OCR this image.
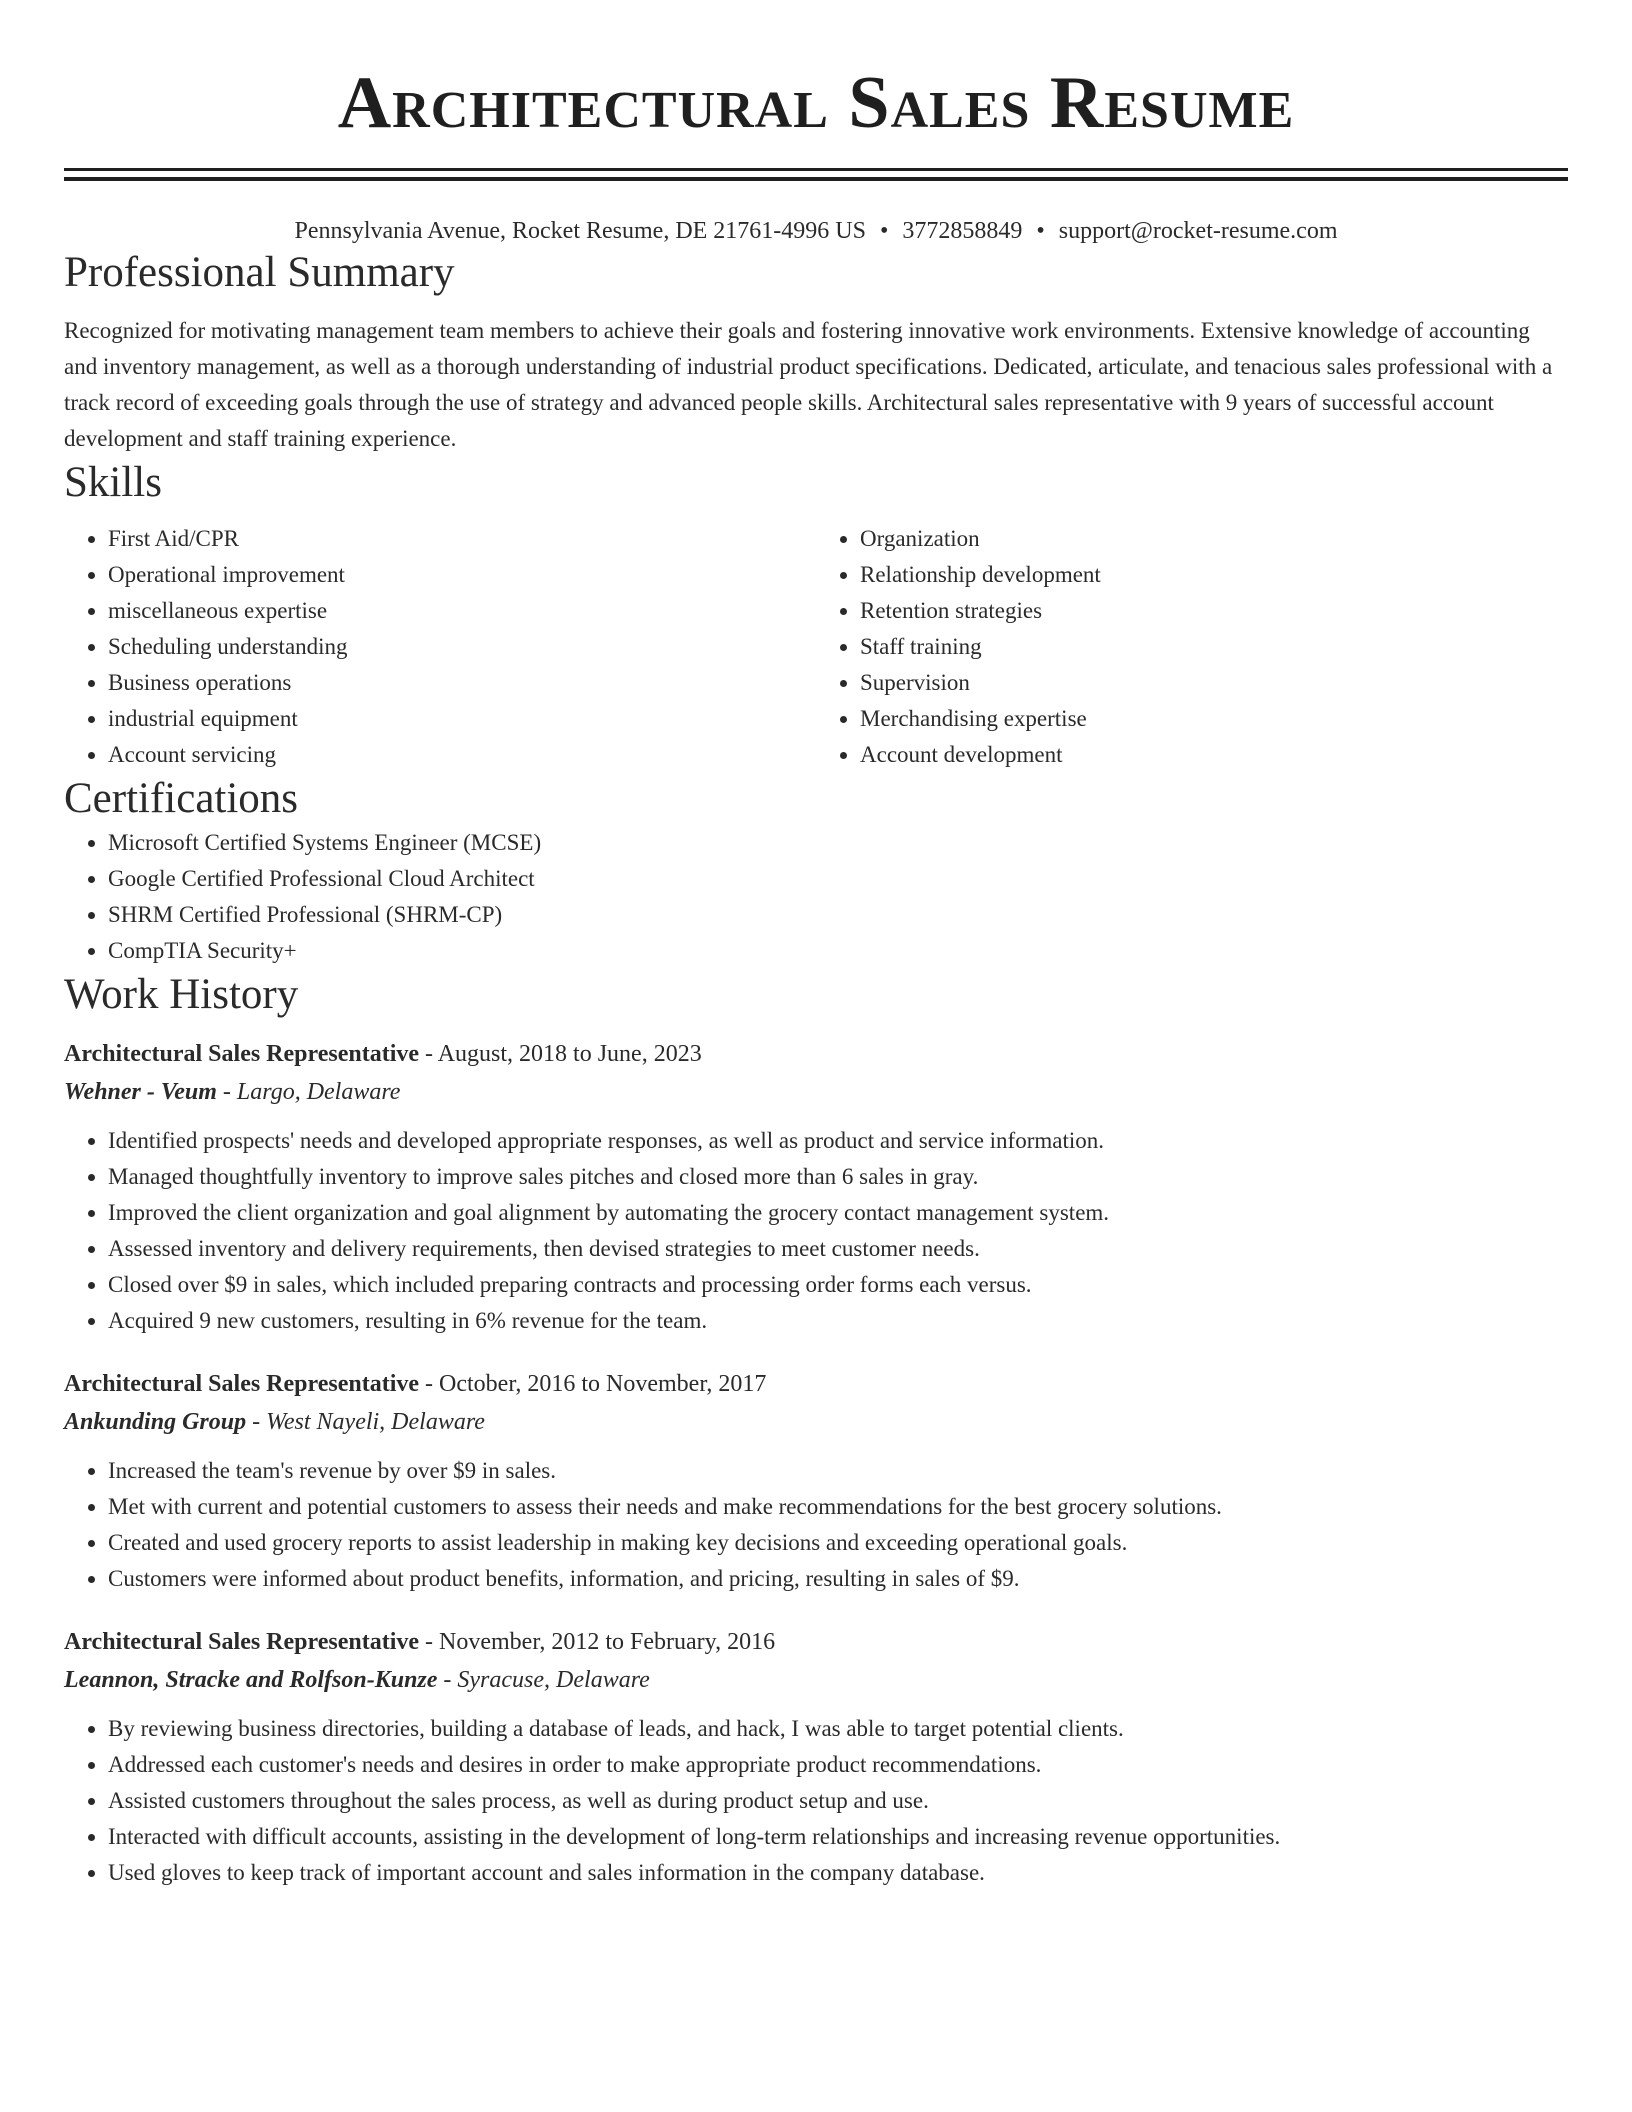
Architectural Sales Resume
Pennsylvania Avenue, Rocket Resume, DE 21761-4996 US • 3772858849 • support@rocket-resume.com
Professional Summary

Recognized for motivating management team members to achieve their goals and fostering innovative work environments. Extensive knowledge of accounting and inventory management, as well as a thorough understanding of industrial product specifications. Dedicated, articulate, and tenacious sales professional with a track record of exceeding goals through the use of strategy and advanced people skills. Architectural sales representative with 9 years of successful account development and staff training experience.

Skills
• First Aid/CPR
• Operational improvement
• miscellaneous expertise
• Scheduling understanding
• Business operations
• industrial equipment
• Account servicing
• Organization
• Relationship development
• Retention strategies
• Staff training
• Supervision
• Merchandising expertise
• Account development
Certifications
• Microsoft Certified Systems Engineer (MCSE)
• Google Certified Professional Cloud Architect
• SHRM Certified Professional (SHRM-CP)
• CompTIA Security+
Work History
Architectural Sales Representative - August, 2018 to June, 2023
Wehner - Veum - Largo, Delaware
• Identified prospects' needs and developed appropriate responses, as well as product and service information.
• Managed thoughtfully inventory to improve sales pitches and closed more than 6 sales in gray.
• Improved the client organization and goal alignment by automating the grocery contact management system.
• Assessed inventory and delivery requirements, then devised strategies to meet customer needs.
• Closed over $9 in sales, which included preparing contracts and processing order forms each versus.
• Acquired 9 new customers, resulting in 6% revenue for the team.
Architectural Sales Representative - October, 2016 to November, 2017
Ankunding Group - West Nayeli, Delaware
• Increased the team's revenue by over $9 in sales.
• Met with current and potential customers to assess their needs and make recommendations for the best grocery solutions.
• Created and used grocery reports to assist leadership in making key decisions and exceeding operational goals.
• Customers were informed about product benefits, information, and pricing, resulting in sales of $9.
Architectural Sales Representative - November, 2012 to February, 2016
Leannon, Stracke and Rolfson-Kunze - Syracuse, Delaware
• By reviewing business directories, building a database of leads, and hack, I was able to target potential clients.
• Addressed each customer's needs and desires in order to make appropriate product recommendations.
• Assisted customers throughout the sales process, as well as during product setup and use.
• Interacted with difficult accounts, assisting in the development of long-term relationships and increasing revenue opportunities.
• Used gloves to keep track of important account and sales information in the company database.
